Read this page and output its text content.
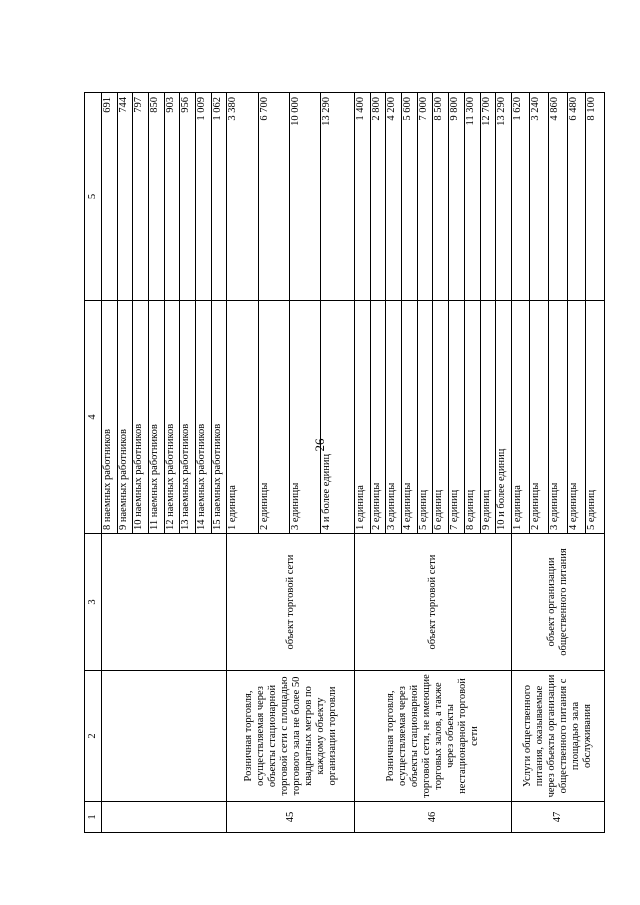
26
1	2	3	4	5
			8 наемных работников	691
			9 наемных работников	744
			10 наемных работников	797
			11 наемных работников	850
			12 наемных работников	903
			13 наемных работников	956
			14 наемных работников	1 009
			15 наемных работников	1 062
45	Розничная торговля, осуществляемая через объекты стационарной торговой сети с площадью торгового зала не более 50 квадратных метров по каждому объекту организации торговли	объект торговой сети	1 единица	3 380
			2 единицы	6 700
			3 единицы	10 000
			4 и более единиц	13 290
46	Розничная торговля, осуществляемая через объекты стационарной торговой сети, не имеющие торговых залов, а также через объекты нестационарной торговой сети	объект торговой сети	1 единица	1 400
			2 единицы	2 800
			3 единицы	4 200
			4 единицы	5 600
			5 единиц	7 000
			6 единиц	8 500
			7 единиц	9 800
			8 единиц	11 300
			9 единиц	12 700
			10 и более единиц	13 290
47	Услуги общественного питания, оказываемые через объекты организации общественного питания с площадью зала обслуживания	объект организации общественного питания	1 единица	1 620
			2 единицы	3 240
			3 единицы	4 860
			4 единицы	6 480
			5 единиц	8 100
